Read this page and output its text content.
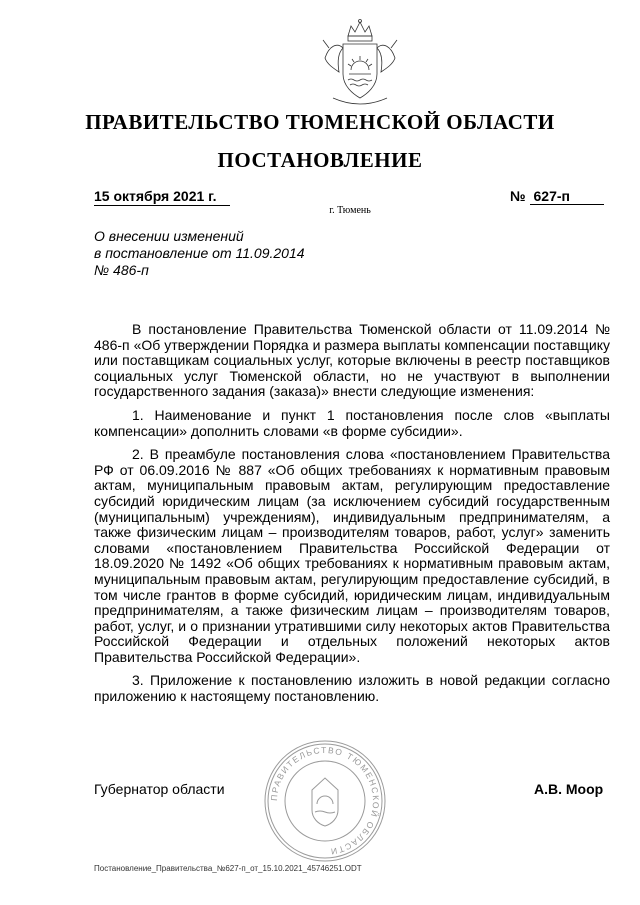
ПРАВИТЕЛЬСТВО ТЮМЕНСКОЙ ОБЛАСТИ
ПОСТАНОВЛЕНИЕ
15 октября 2021 г.	№ 627-п
г. Тюмень
О внесении изменений
в постановление от 11.09.2014
№ 486-п

В постановление Правительства Тюменской области от 11.09.2014 № 486-п «Об утверждении Порядка и размера выплаты компенсации поставщику или поставщикам социальных услуг, которые включены в реестр поставщиков социальных услуг Тюменской области, но не участвуют в выполнении государственного задания (заказа)» внести следующие изменения:

1. Наименование и пункт 1 постановления после слов «выплаты компенсации» дополнить словами «в форме субсидии».

2. В преамбуле постановления слова «постановлением Правительства РФ от 06.09.2016 № 887 «Об общих требованиях к нормативным правовым актам, муниципальным правовым актам, регулирующим предоставление субсидий юридическим лицам (за исключением субсидий государственным (муниципальным) учреждениям), индивидуальным предпринимателям, а также физическим лицам – производителям товаров, работ, услуг» заменить словами «постановлением Правительства Российской Федерации от 18.09.2020 № 1492 «Об общих требованиях к нормативным правовым актам, муниципальным правовым актам, регулирующим предоставление субсидий, в том числе грантов в форме субсидий, юридическим лицам, индивидуальным предпринимателям, а также физическим лицам – производителям товаров, работ, услуг, и о признании утратившими силу некоторых актов Правительства Российской Федерации и отдельных положений некоторых актов Правительства Российской Федерации».

3. Приложение к постановлению изложить в новой редакции согласно приложению к настоящему постановлению.

Губернатор области
ПРАВИТЕЛЬСТВО ТЮМЕНСКОЙ ОБЛАСТИ
А.В. Моор
Постановление_Правительства_№627-п_от_15.10.2021_45746251.ODT
